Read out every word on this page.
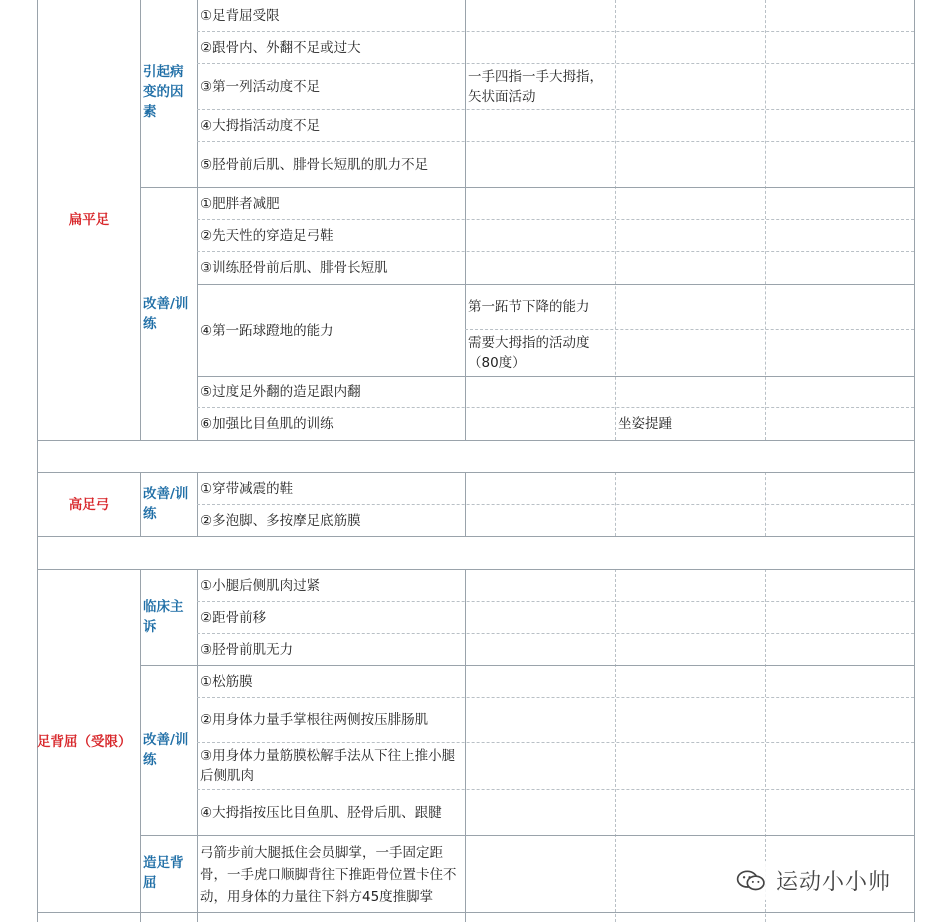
扁平足
高足弓
足背屈（受限）
引起病变的因素
改善/训练
改善/训练
临床主诉
改善/训练
造足背屈
①足背屈受限
②跟骨内、外翻不足或过大
③第一列活动度不足
一手四指一手大拇指，矢状面活动
④大拇指活动度不足
⑤胫骨前后肌、腓骨长短肌的肌力不足
①肥胖者减肥
②先天性的穿造足弓鞋
③训练胫骨前后肌、腓骨长短肌
④第一跖球蹬地的能力
第一跖节下降的能力
需要大拇指的活动度（80度）
⑤过度足外翻的造足跟内翻
⑥加强比目鱼肌的训练	坐姿提踵
①穿带减震的鞋
②多泡脚、多按摩足底筋膜
①小腿后侧肌肉过紧
②距骨前移
③胫骨前肌无力
①松筋膜
②用身体力量手掌根往两侧按压腓肠肌
③用身体力量筋膜松解手法从下往上推小腿后侧肌肉
④大拇指按压比目鱼肌、胫骨后肌、跟腱
弓箭步前大腿抵住会员脚掌，一手固定距骨，一手虎口顺脚背往下推距骨位置卡住不动，用身体的力量往下斜方45度推脚掌
运动小小帅
